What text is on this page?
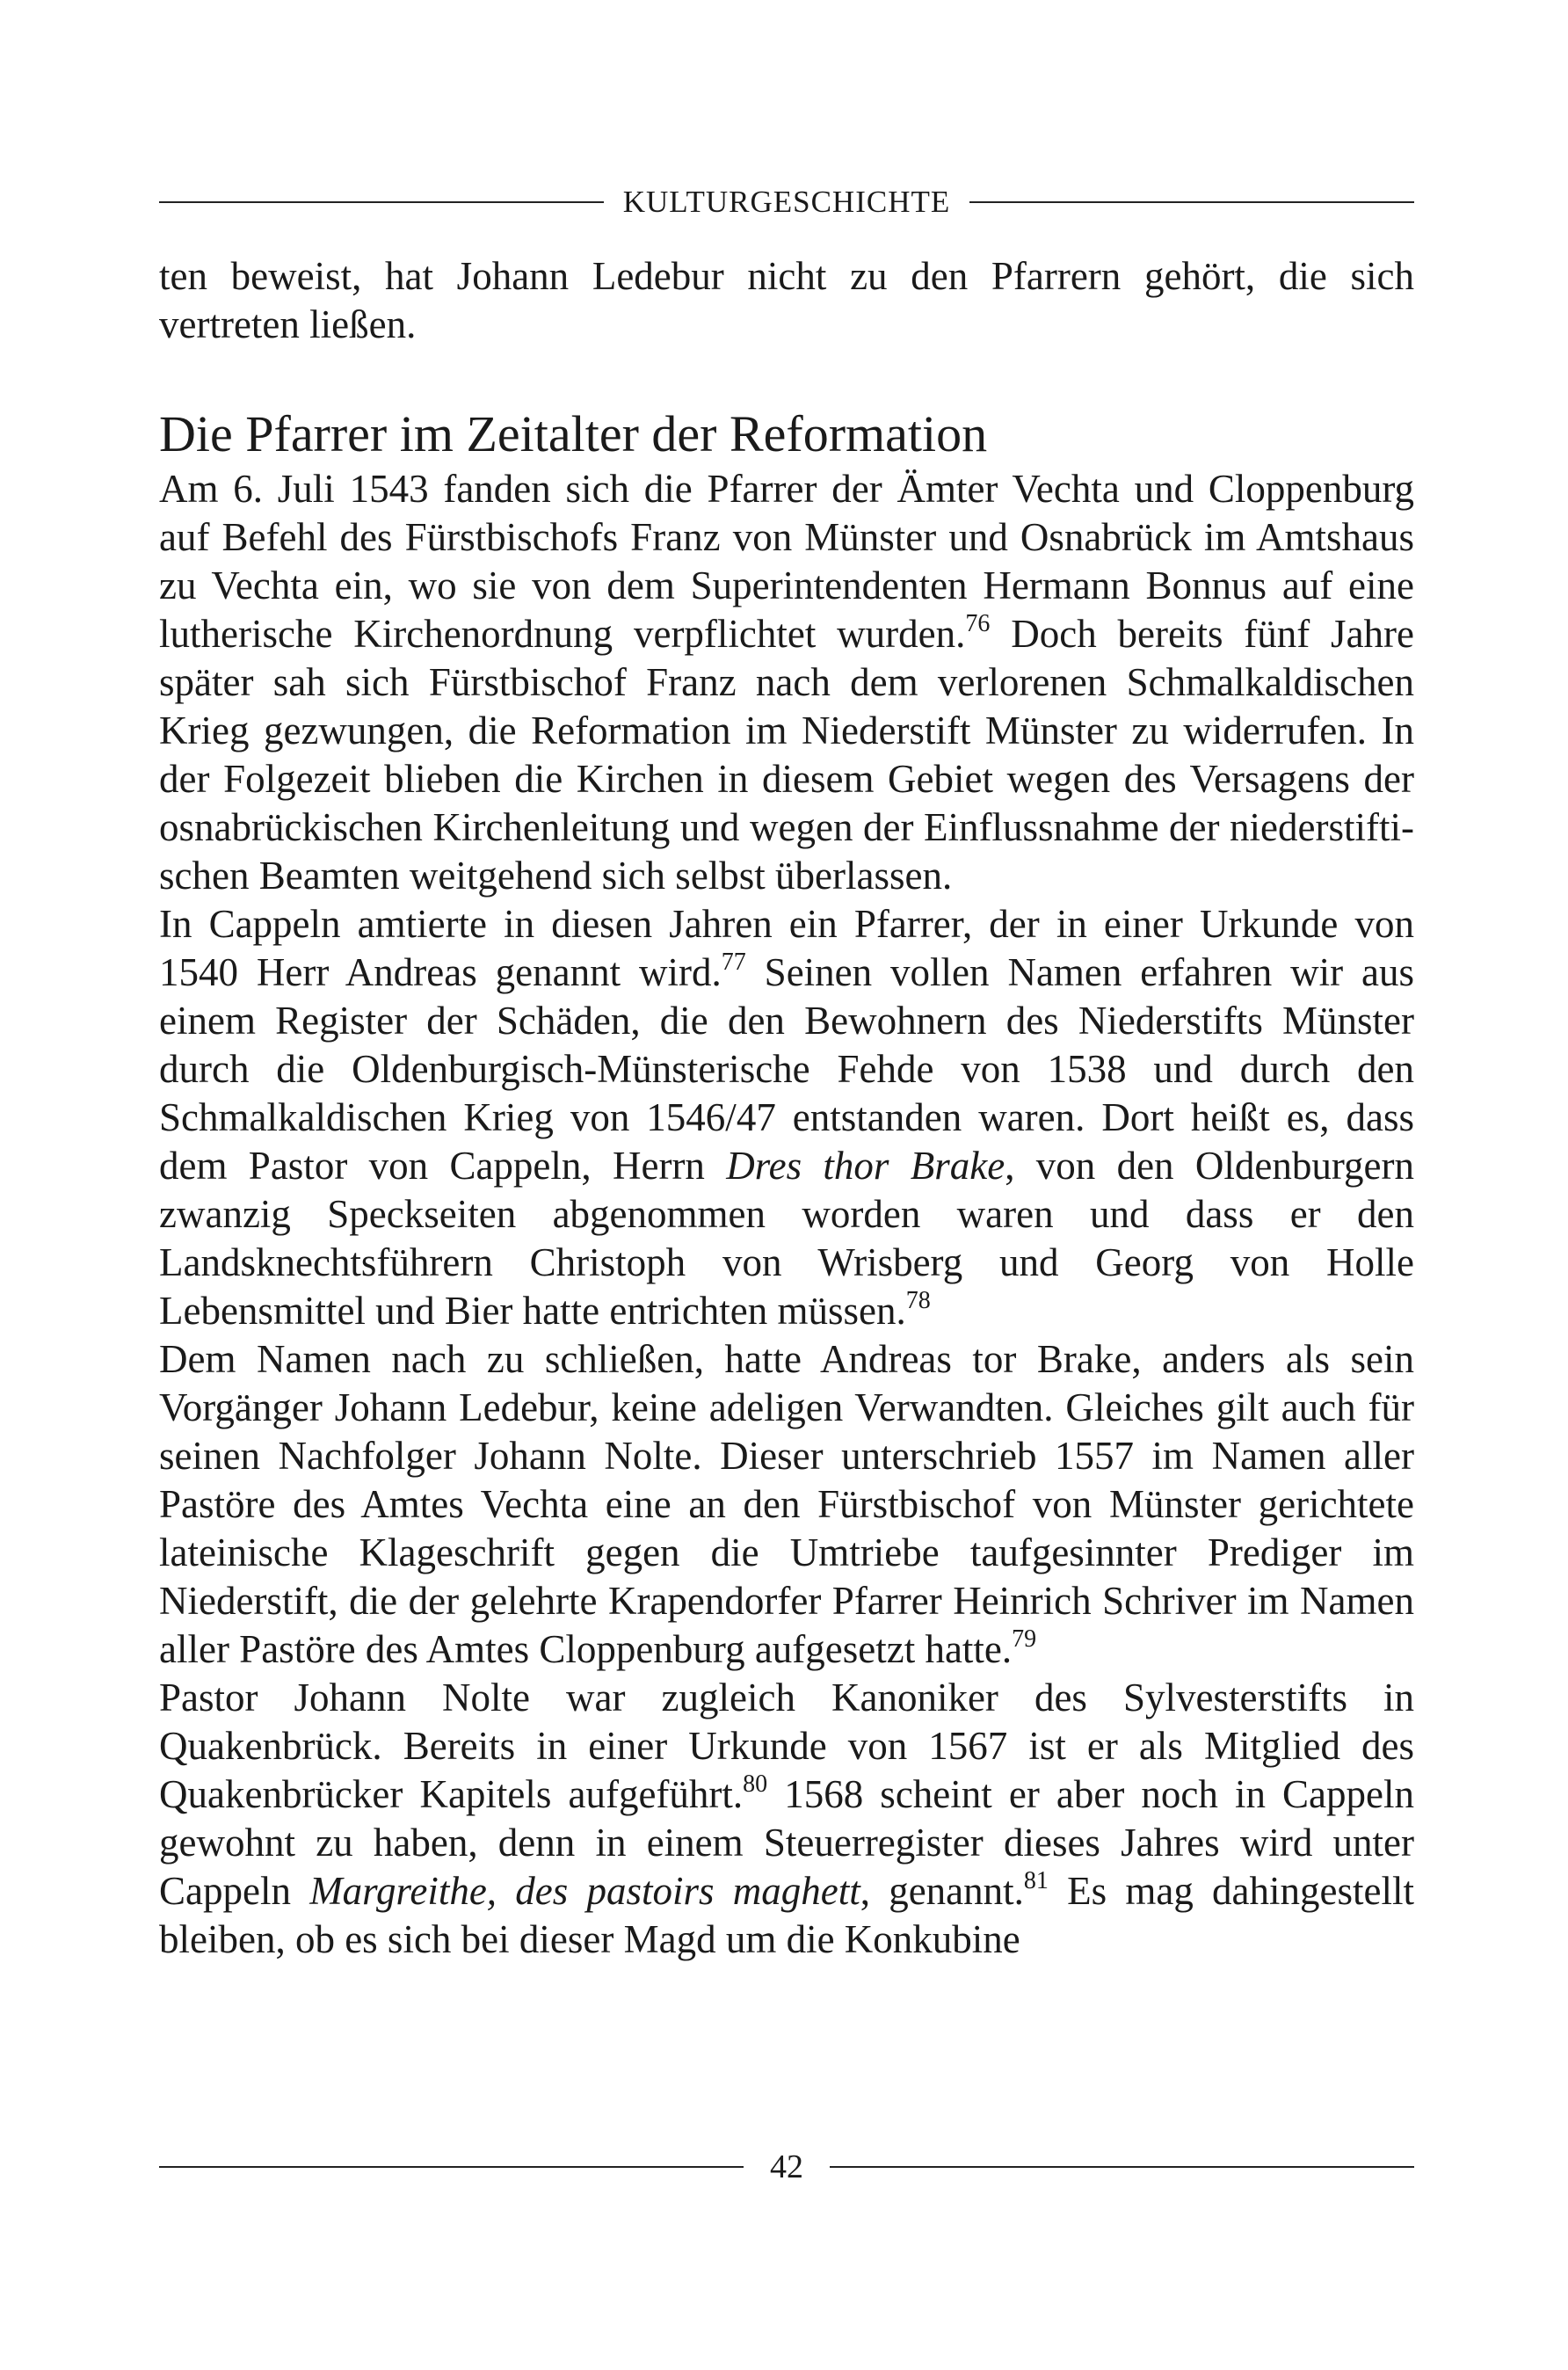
KULTURGESCHICHTE

ten beweist, hat Johann Ledebur nicht zu den Pfarrern gehört, die sich vertreten ließen.

Die Pfarrer im Zeitalter der Reformation

Am 6. Juli 1543 fanden sich die Pfarrer der Ämter Vechta und Cloppenburg auf Befehl des Fürstbischofs Franz von Münster und Osnabrück im Amtshaus zu Vechta ein, wo sie von dem Superintendenten Hermann Bonnus auf eine lutherische Kirchenordnung verpflichtet wurden.$^{76}$ Doch bereits fünf Jahre später sah sich Fürstbischof Franz nach dem verlorenen Schmalkaldischen Krieg gezwungen, die Reformation im Niederstift Münster zu widerrufen. In der Folgezeit blieben die Kirchen in diesem Gebiet wegen des Versagens der osnabrückischen Kirchenleitung und wegen der Einflussnahme der niederstiftischen Beamten weitgehend sich selbst überlassen.

In Cappeln amtierte in diesen Jahren ein Pfarrer, der in einer Urkunde von 1540 Herr Andreas genannt wird.$^{77}$ Seinen vollen Namen erfahren wir aus einem Register der Schäden, die den Bewohnern des Niederstifts Münster durch die Oldenburgisch-Münsterische Fehde von 1538 und durch den Schmalkaldischen Krieg von 1546/47 entstanden waren. Dort heißt es, dass dem Pastor von Cappeln, Herrn Dres thor Brake, von den Oldenburgern zwanzig Speckseiten abgenommen worden waren und dass er den Landsknechtsführern Christoph von Wrisberg und Georg von Holle Lebensmittel und Bier hatte entrichten müssen.$^{78}$

Dem Namen nach zu schließen, hatte Andreas tor Brake, anders als sein Vorgänger Johann Ledebur, keine adeligen Verwandten. Gleiches gilt auch für seinen Nachfolger Johann Nolte. Dieser unterschrieb 1557 im Namen aller Pastöre des Amtes Vechta eine an den Fürstbischof von Münster gerichtete lateinische Klageschrift gegen die Umtriebe taufgesinnter Prediger im Niederstift, die der gelehrte Krapendorfer Pfarrer Heinrich Schriver im Namen aller Pastöre des Amtes Cloppenburg aufgesetzt hatte.$^{79}$

Pastor Johann Nolte war zugleich Kanoniker des Sylvesterstifts in Quakenbrück. Bereits in einer Urkunde von 1567 ist er als Mitglied des Quakenbrücker Kapitels aufgeführt.$^{80}$ 1568 scheint er aber noch in Cappeln gewohnt zu haben, denn in einem Steuerregister dieses Jahres wird unter Cappeln Margreithe, des pastoirs maghett, genannt.$^{81}$ Es mag dahingestellt bleiben, ob es sich bei dieser Magd um die Konkubine

42
